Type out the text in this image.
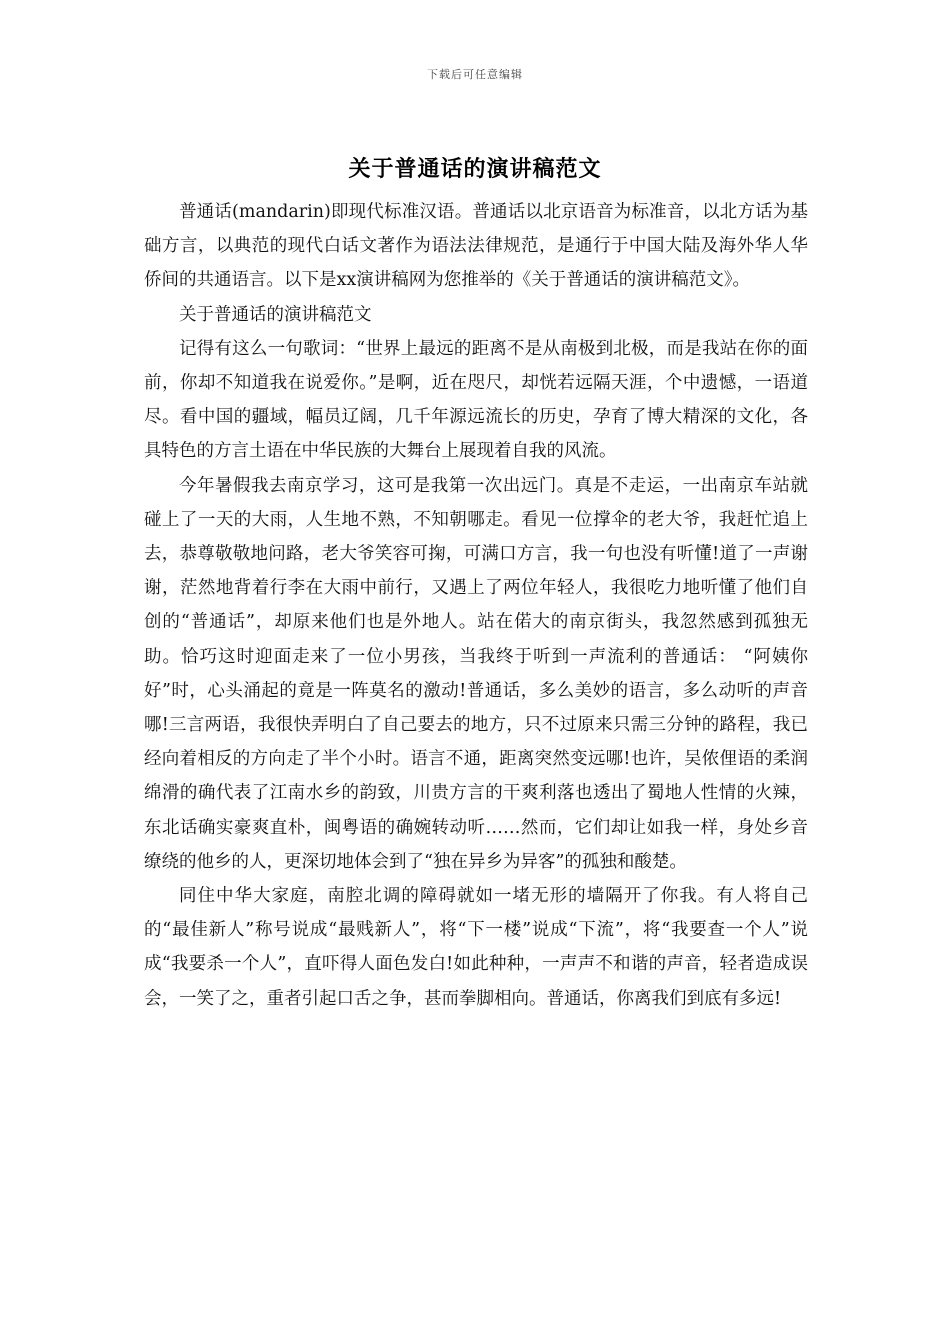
下载后可任意编辑
关于普通话的演讲稿范文

普通话(mandarin)即现代标准汉语。普通话以北京语音为标准音，以北方话为基础方言，以典范的现代白话文著作为语法法律规范，是通行于中国大陆及海外华人华侨间的共通语言。以下是xx演讲稿网为您推举的《关于普通话的演讲稿范文》。

关于普通话的演讲稿范文

记得有这么一句歌词：“世界上最远的距离不是从南极到北极，而是我站在你的面前，你却不知道我在说爱你。”是啊，近在咫尺，却恍若远隔天涯，个中遗憾，一语道尽。看中国的疆域，幅员辽阔，几千年源远流长的历史，孕育了博大精深的文化，各具特色的方言土语在中华民族的大舞台上展现着自我的风流。

今年暑假我去南京学习，这可是我第一次出远门。真是不走运，一出南京车站就碰上了一天的大雨，人生地不熟，不知朝哪走。看见一位撑伞的老大爷，我赶忙追上去，恭尊敬敬地问路，老大爷笑容可掬，可满口方言，我一句也没有听懂!道了一声谢谢，茫然地背着行李在大雨中前行，又遇上了两位年轻人，我很吃力地听懂了他们自创的“普通话”，却原来他们也是外地人。站在偌大的南京街头，我忽然感到孤独无助。恰巧这时迎面走来了一位小男孩，当我终于听到一声流利的普通话： “阿姨你好”时，心头涌起的竟是一阵莫名的激动!普通话，多么美妙的语言，多么动听的声音哪!三言两语，我很快弄明白了自己要去的地方，只不过原来只需三分钟的路程，我已经向着相反的方向走了半个小时。语言不通，距离突然变远哪!也许，吴侬俚语的柔润绵滑的确代表了江南水乡的韵致，川贵方言的干爽利落也透出了蜀地人性情的火辣，东北话确实豪爽直朴，闽粤语的确婉转动听……然而，它们却让如我一样，身处乡音缭绕的他乡的人，更深切地体会到了“独在异乡为异客”的孤独和酸楚。

同住中华大家庭，南腔北调的障碍就如一堵无形的墙隔开了你我。有人将自己的“最佳新人”称号说成“最贱新人”，将“下一楼”说成“下流”，将“我要查一个人”说成“我要杀一个人”，直吓得人面色发白!如此种种，一声声不和谐的声音，轻者造成误会，一笑了之，重者引起口舌之争，甚而拳脚相向。普通话，你离我们到底有多远!
